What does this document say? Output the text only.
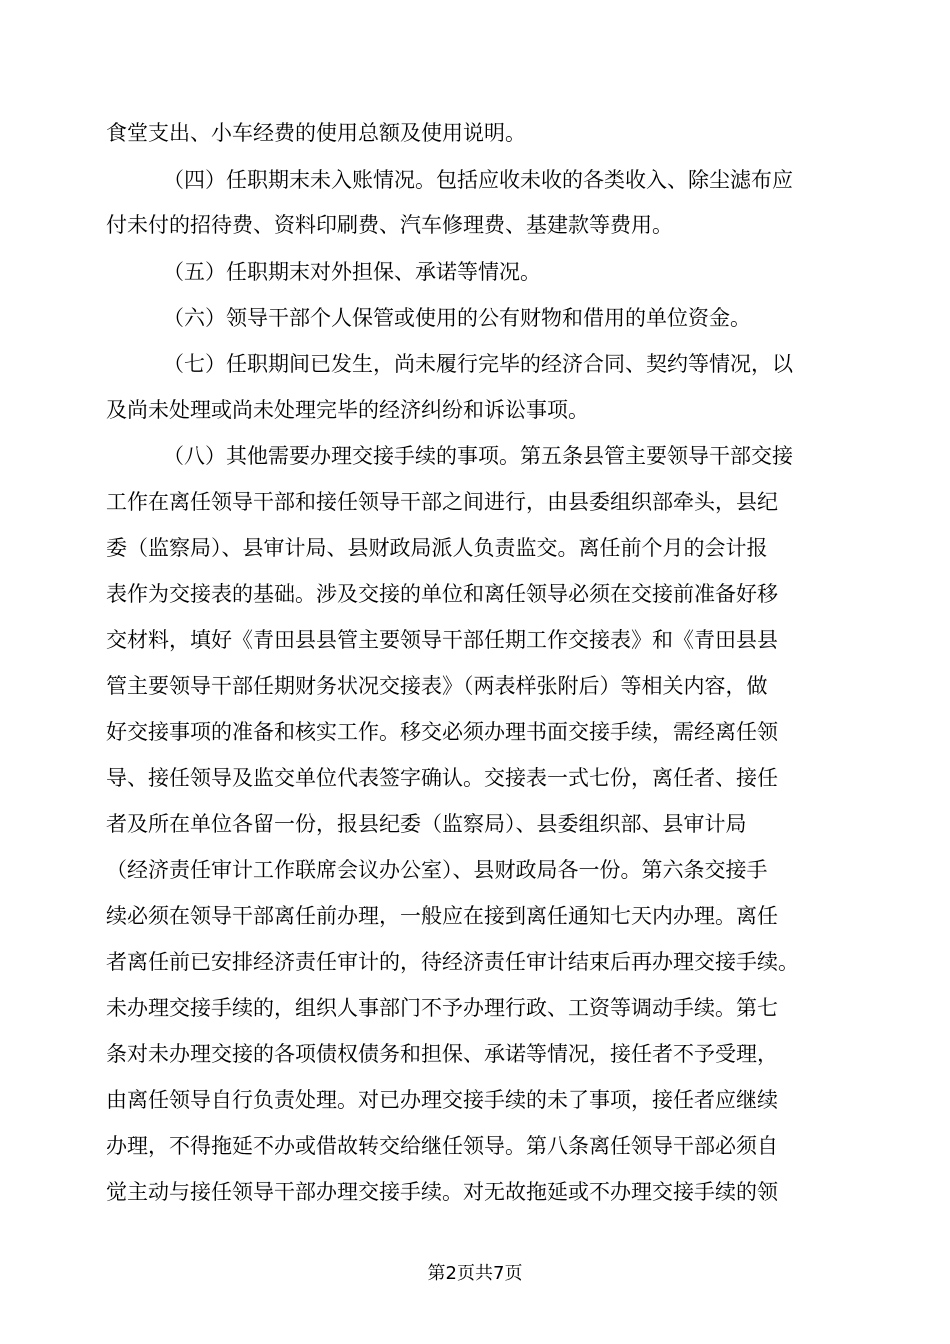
食堂支出、小车经费的使用总额及使用说明。
（四）任职期末未入账情况。包括应收未收的各类收入、除尘滤布应
付未付的招待费、资料印刷费、汽车修理费、基建款等费用。
（五）任职期末对外担保、承诺等情况。
（六）领导干部个人保管或使用的公有财物和借用的单位资金。
（七）任职期间已发生，尚未履行完毕的经济合同、契约等情况，以
及尚未处理或尚未处理完毕的经济纠纷和诉讼事项。
（八）其他需要办理交接手续的事项。第五条县管主要领导干部交接
工作在离任领导干部和接任领导干部之间进行，由县委组织部牵头，县纪
委（监察局）、县审计局、县财政局派人负责监交。离任前个月的会计报
表作为交接表的基础。涉及交接的单位和离任领导必须在交接前准备好移
交材料，填好《青田县县管主要领导干部任期工作交接表》和《青田县县
管主要领导干部任期财务状况交接表》（两表样张附后）等相关内容，做
好交接事项的准备和核实工作。移交必须办理书面交接手续，需经离任领
导、接任领导及监交单位代表签字确认。交接表一式七份，离任者、接任
者及所在单位各留一份，报县纪委（监察局）、县委组织部、县审计局
（经济责任审计工作联席会议办公室）、县财政局各一份。第六条交接手
续必须在领导干部离任前办理，一般应在接到离任通知七天内办理。离任
者离任前已安排经济责任审计的，待经济责任审计结束后再办理交接手续。
未办理交接手续的，组织人事部门不予办理行政、工资等调动手续。第七
条对未办理交接的各项债权债务和担保、承诺等情况，接任者不予受理，
由离任领导自行负责处理。对已办理交接手续的未了事项，接任者应继续
办理，不得拖延不办或借故转交给继任领导。第八条离任领导干部必须自
觉主动与接任领导干部办理交接手续。对无故拖延或不办理交接手续的领
第2页共7页
